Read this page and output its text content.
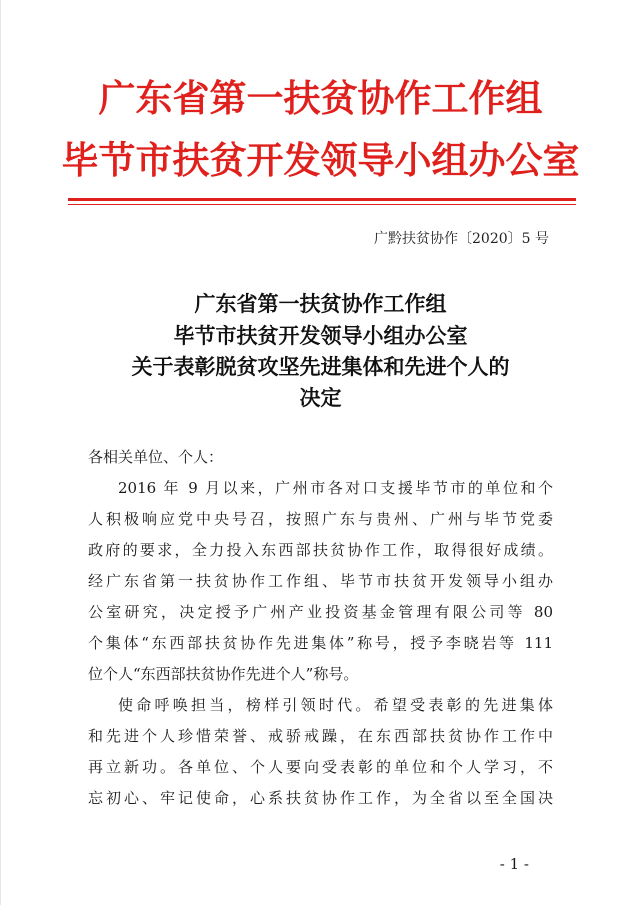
广东省第一扶贫协作工作组
毕节市扶贫开发领导小组办公室
广黔扶贫协作〔2020〕5 号
广东省第一扶贫协作工作组
毕节市扶贫开发领导小组办公室
关于表彰脱贫攻坚先进集体和先进个人的
决定
各相关单位、个人：
2016 年 9 月以来，广州市各对口支援毕节市的单位和个
人积极响应党中央号召，按照广东与贵州、广州与毕节党委
政府的要求，全力投入东西部扶贫协作工作，取得很好成绩。
经广东省第一扶贫协作工作组、毕节市扶贫开发领导小组办
公室研究，决定授予广州产业投资基金管理有限公司等 80
个集体“东西部扶贫协作先进集体”称号，授予李晓岩等 111
位个人“东西部扶贫协作先进个人”称号。
使命呼唤担当，榜样引领时代。希望受表彰的先进集体
和先进个人珍惜荣誉、戒骄戒躁，在东西部扶贫协作工作中
再立新功。各单位、个人要向受表彰的单位和个人学习，不
忘初心、牢记使命，心系扶贫协作工作，为全省以至全国决
- 1 -
